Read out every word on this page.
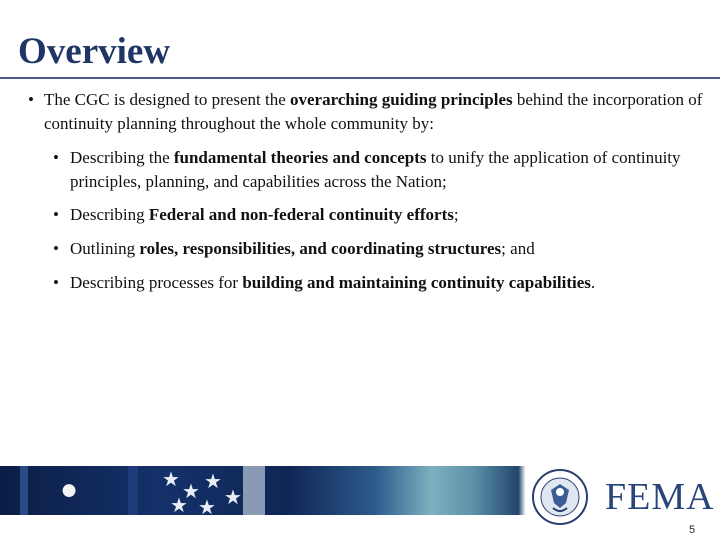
Overview
• The CGC is designed to present the overarching guiding principles behind the incorporation of continuity planning throughout the whole community by:
• Describing the fundamental theories and concepts to unify the application of continuity principles, planning, and capabilities across the Nation;
• Describing Federal and non-federal continuity efforts;
• Outlining roles, responsibilities, and coordinating structures; and
• Describing processes for building and maintaining continuity capabilities.
★
★ ★
★
★ ★
●	FEMA
5
